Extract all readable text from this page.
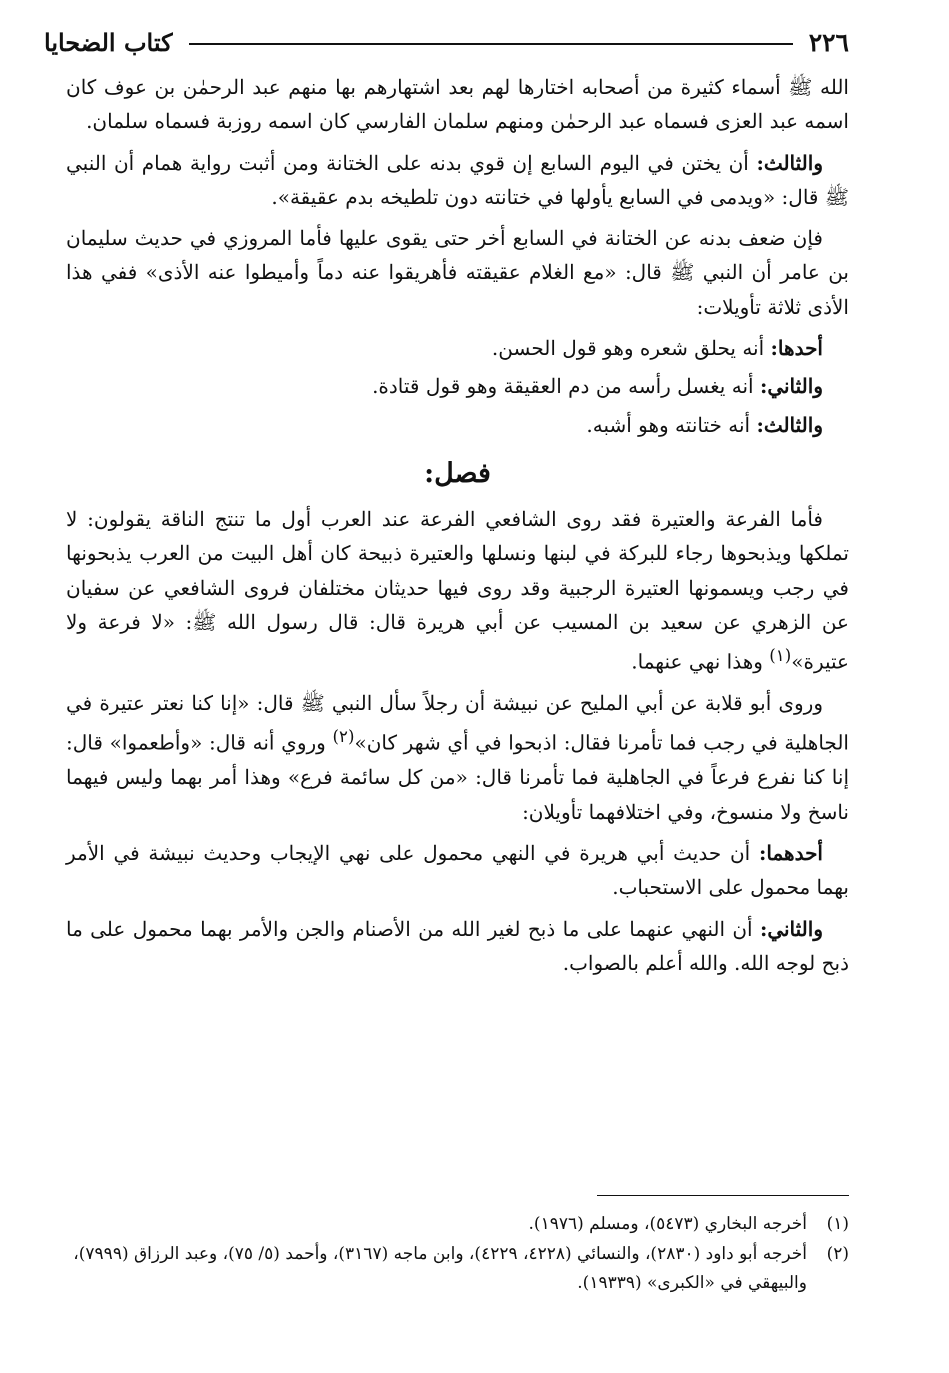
٢٢٦
كتاب الضحايا

الله ﷺ أسماء كثيرة من أصحابه اختارها لهم بعد اشتهارهم بها منهم عبد الرحمٰن بن عوف كان اسمه عبد العزى فسماه عبد الرحمٰن ومنهم سلمان الفارسي كان اسمه روزبة فسماه سلمان.

والثالث: أن يختن في اليوم السابع إن قوي بدنه على الختانة ومن أثبت رواية همام أن النبي ﷺ قال: «ويدمى في السابع يأولها في ختانته دون تلطيخه بدم عقيقة».

فإن ضعف بدنه عن الختانة في السابع أخر حتى يقوى عليها فأما المروزي في حديث سليمان بن عامر أن النبي ﷺ قال: «مع الغلام عقيقته فأهريقوا عنه دماً وأميطوا عنه الأذى» ففي هذا الأذى ثلاثة تأويلات:

أحدها: أنه يحلق شعره وهو قول الحسن.

والثاني: أنه يغسل رأسه من دم العقيقة وهو قول قتادة.

والثالث: أنه ختانته وهو أشبه.

فصل:

فأما الفرعة والعتيرة فقد روى الشافعي الفرعة عند العرب أول ما تنتج الناقة يقولون: لا تملكها ويذبحوها رجاء للبركة في لبنها ونسلها والعتيرة ذبيحة كان أهل البيت من العرب يذبحونها في رجب ويسمونها العتيرة الرجبية وقد روى فيها حديثان مختلفان فروى الشافعي عن سفيان عن الزهري عن سعيد بن المسيب عن أبي هريرة قال: قال رسول الله ﷺ: «لا فرعة ولا عتيرة»$^{(١)}$ وهذا نهي عنهما.

وروى أبو قلابة عن أبي المليح عن نبيشة أن رجلاً سأل النبي ﷺ قال: «إنا كنا نعتر عتيرة في الجاهلية في رجب فما تأمرنا فقال: اذبحوا في أي شهر كان»$^{(٢)}$ وروي أنه قال: «وأطعموا» قال: إنا كنا نفرع فرعاً في الجاهلية فما تأمرنا قال: «من كل سائمة فرع» وهذا أمر بهما وليس فيهما ناسخ ولا منسوخ، وفي اختلافهما تأويلان:

أحدهما: أن حديث أبي هريرة في النهي محمول على نهي الإيجاب وحديث نبيشة في الأمر بهما محمول على الاستحباب.

والثاني: أن النهي عنهما على ما ذبح لغير الله من الأصنام والجن والأمر بهما محمول على ما ذبح لوجه الله. والله أعلم بالصواب.

(١)
أخرجه البخاري (٥٤٧٣)، ومسلم (١٩٧٦).
(٢)
أخرجه أبو داود (٢٨٣٠)، والنسائي (٤٢٢٨، ٤٢٢٩)، وابن ماجه (٣١٦٧)، وأحمد (٥/ ٧٥)، وعبد الرزاق (٧٩٩٩)، والبيهقي في «الكبرى» (١٩٣٣٩).
